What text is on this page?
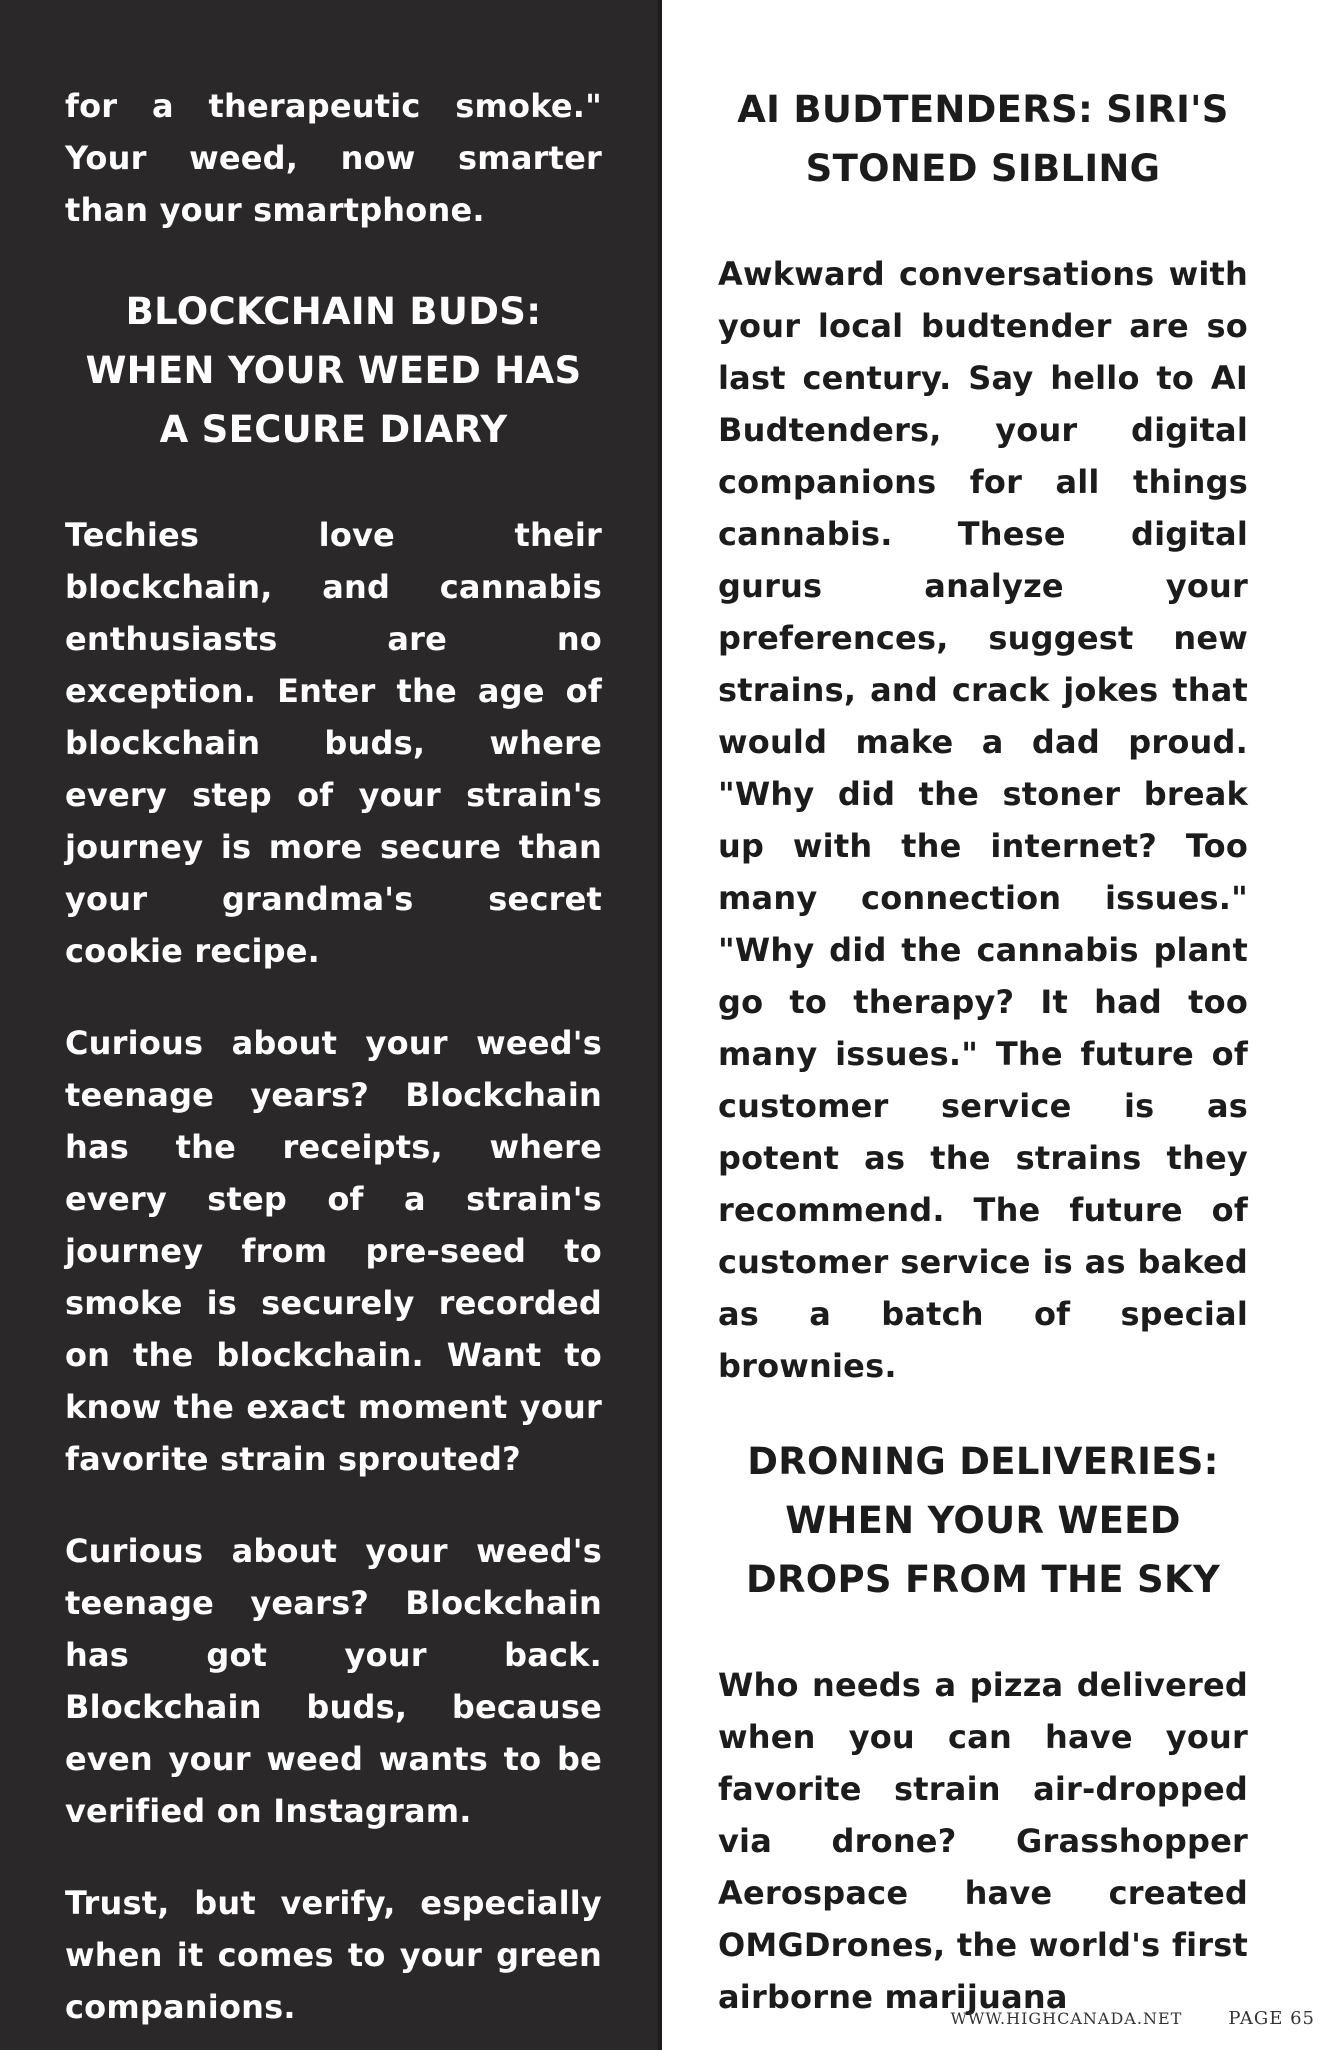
for a therapeutic smoke." Your weed, now smarter than your smartphone.

BLOCKCHAIN BUDS:
WHEN YOUR WEED HAS
A SECURE DIARY

Techies love their blockchain, and cannabis enthusiasts are no exception. Enter the age of blockchain buds, where every step of your strain's journey is more secure than your grandma's secret cookie recipe.

Curious about your weed's teenage years? Blockchain has the receipts, where every step of a strain's journey from pre-seed to smoke is securely recorded on the blockchain. Want to know the exact moment your favorite strain sprouted?

Curious about your weed's teenage years? Blockchain has got your back. Blockchain buds, because even your weed wants to be verified on Instagram.

Trust, but verify, especially when it comes to your green companions.

AI BUDTENDERS: SIRI'S
STONED SIBLING

Awkward conversations with your local budtender are so last century. Say hello to AI Budtenders, your digital companions for all things cannabis. These digital gurus analyze your preferences, suggest new strains, and crack jokes that would make a dad proud. "Why did the stoner break up with the internet? Too many connection issues." "Why did the cannabis plant go to therapy? It had too many issues." The future of customer service is as potent as the strains they recommend. The future of customer service is as baked as a batch of special brownies.

DRONING DELIVERIES:
WHEN YOUR WEED
DROPS FROM THE SKY

Who needs a pizza delivered when you can have your favorite strain air-dropped via drone? Grasshopper Aerospace have created OMGDrones, the world's first airborne marijuana

WWW.HIGHCANADA.NET	PAGE 65
